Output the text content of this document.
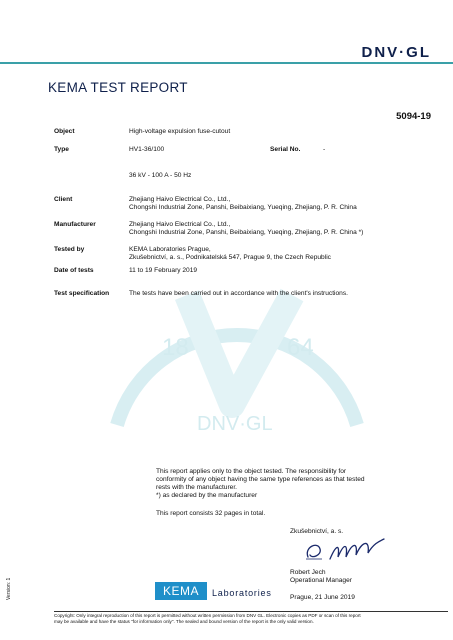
DNV·GL
KEMA TEST REPORT
5094-19
18	64
DNV·GL
Object	High-voltage expulsion fuse-cutout
Type	HV1-36/100	Serial No.	-
36 kV - 100 A - 50 Hz
Client	Zhejiang Haivo Electrical Co., Ltd.,
Chongshi Industrial Zone, Panshi, Beibaixiang, Yueqing, Zhejiang, P. R. China
Manufacturer	Zhejiang Haivo Electrical Co., Ltd.,
Chongshi Industrial Zone, Panshi, Beibaixiang, Yueqing, Zhejiang, P. R. China *)
Tested by	KEMA Laboratories Prague,
Zkušebnictví, a. s., Podnikatelská 547, Prague 9, the Czech Republic
Date of tests	11 to 19 February 2019
Test specification	The tests have been carried out in accordance with the client's instructions.
This report applies only to the object tested. The responsibility for
conformity of any object having the same type references as that tested
rests with the manufacturer.
*) as declared by the manufacturer
This report consists 32 pages in total.
Zkušebnictví, a. s.
Robert Jech
Operational Manager
Prague, 21 June 2019
KEMA	Laboratories
Copyright: Only integral reproduction of this report is permitted without written permission from DNV GL. Electronic copies as PDF or scan of this report
may be available and have the status "for information only". The sealed and bound version of the report is the only valid version.
Version: 1
